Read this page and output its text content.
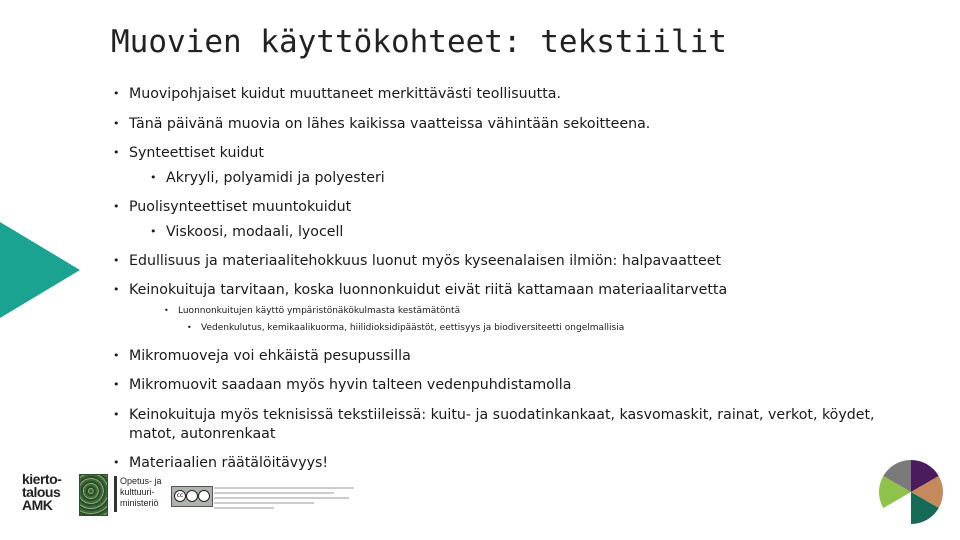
Muovien käyttökohteet: tekstiilit
• Muovipohjaiset kuidut muuttaneet merkittävästi teollisuutta.
• Tänä päivänä muovia on lähes kaikissa vaatteissa vähintään sekoitteena.
• Synteettiset kuidut
• Akryyli, polyamidi ja polyesteri
• Puolisynteettiset muuntokuidut
• Viskoosi, modaali, lyocell
• Edullisuus ja materiaalitehokkuus luonut myös kyseenalaisen ilmiön: halpavaatteet
• Keinokuituja tarvitaan, koska luonnonkuidut eivät riitä kattamaan materiaalitarvetta
• Luonnonkuitujen käyttö ympäristönäkökulmasta kestämätöntä
• Vedenkulutus, kemikaalikuorma, hiilidioksidipäästöt, eettisyys ja biodiversiteetti ongelmallisia
• Mikromuoveja voi ehkäistä pesupussilla
• Mikromuovit saadaan myös hyvin talteen vedenpuhdistamolla
• Keinokuituja myös teknisissä tekstiileissä: kuitu- ja suodatinkankaat, kasvomaskit, rainat, verkot, köydet,
matot, autonrenkaat
• Materiaalien räätälöitävyys!
kierto-
talous
AMK
Opetus- ja
kulttuuri-
ministeriö
cc
